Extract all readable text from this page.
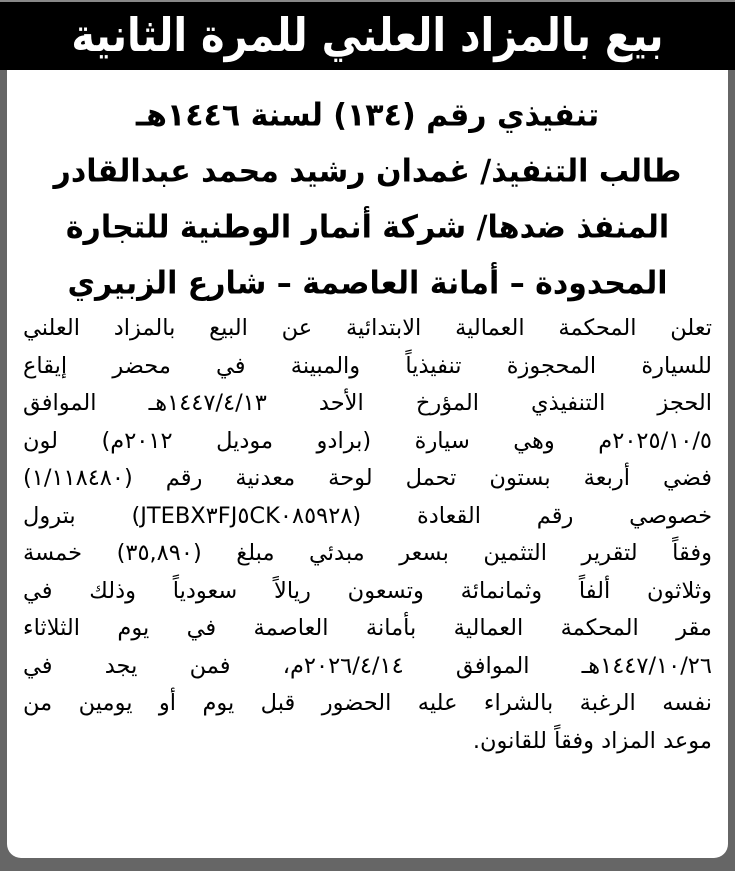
بيع بالمزاد العلني للمرة الثانية
تنفيذي رقم (١٣٤) لسنة ١٤٤٦هـ
طالب التنفيذ/ غمدان رشيد محمد عبدالقادر
المنفذ ضدها/ شركة أنمار الوطنية للتجارة
المحدودة – أمانة العاصمة – شارع الزبيري
تعلن المحكمة العمالية الابتدائية عن البيع بالمزاد العلني
للسيارة المحجوزة تنفيذياً والمبينة في محضر إيقاع
الحجز التنفيذي المؤرخ الأحد ١٤٤٧/٤/١٣هـ الموافق
٢٠٢٥/١٠/٥م وهي سيارة (برادو موديل ٢٠١٢م) لون
فضي أربعة بستون تحمل لوحة معدنية رقم (١/١١٨٤٨٠)
خصوصي رقم القعادة (JTEBX٣FJ٥CK٠٨٥٩٢٨) بترول
وفقاً لتقرير التثمين بسعر مبدئي مبلغ (٣٥,٨٩٠) خمسة
وثلاثون ألفاً وثمانمائة وتسعون ريالاً سعودياً وذلك في
مقر المحكمة العمالية بأمانة العاصمة في يوم الثلاثاء
١٤٤٧/١٠/٢٦هـ الموافق ٢٠٢٦/٤/١٤م، فمن يجد في
نفسه الرغبة بالشراء عليه الحضور قبل يوم أو يومين من
موعد المزاد وفقاً للقانون.
